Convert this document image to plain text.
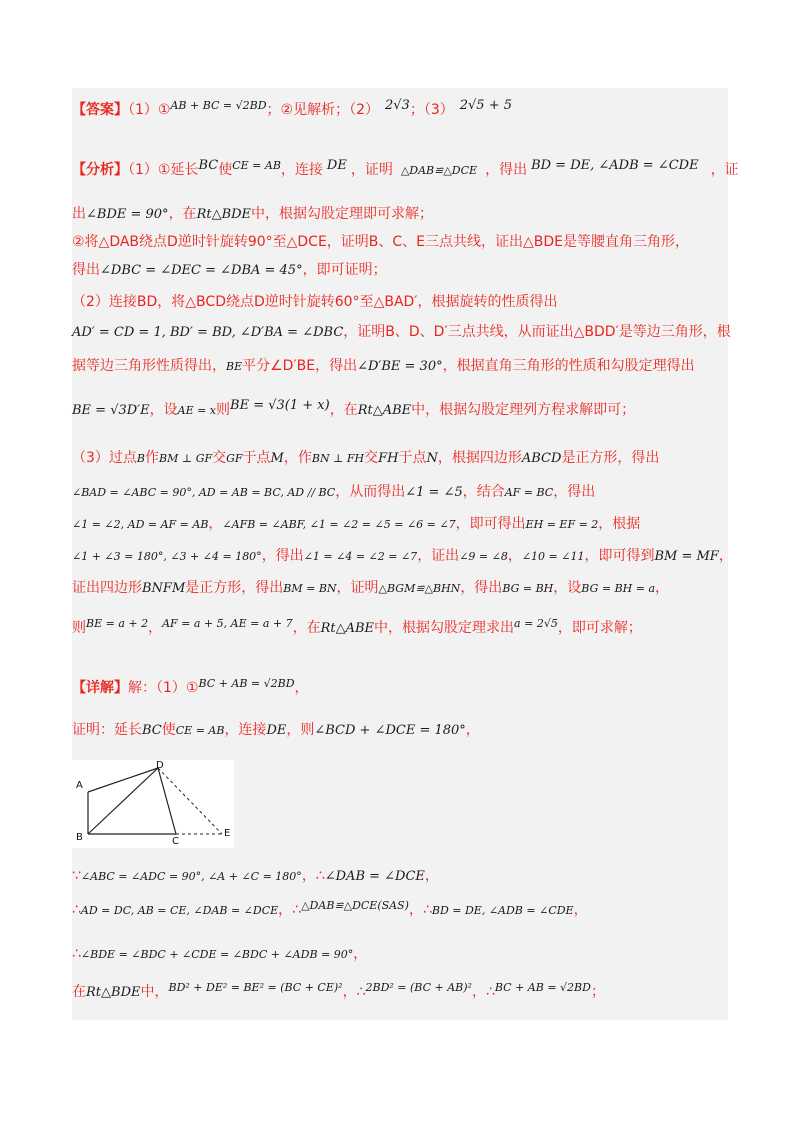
【答案】（1）①$^{AB + BC = √2BD}$；②见解析；（2） 2√3；（3） 2√5 + 5
【分析】（1）①延长BC使$^{CE = AB}$，连接 DE ，证明 △DAB≌△DCE ，得出 BD = DE, ∠ADB = ∠CDE ，证
出∠BDE = 90°，在Rt△BDE中，根据勾股定理即可求解；
②将△DAB绕点D逆时针旋转90°至△DCE，证明B、C、E三点共线，证出△BDE是等腰直角三角形，
得出∠DBC = ∠DEC = ∠DBA = 45°，即可证明；
（2）连接BD，将△BCD绕点D逆时针旋转60°至△BAD′，根据旋转的性质得出
AD′ = CD = 1, BD′ = BD, ∠D′BA = ∠DBC，证明B、D、D′三点共线，从而证出△BDD′是等边三角形，根
据等边三角形性质得出，BE平分∠D′BE，得出∠D′BE = 30°，根据直角三角形的性质和勾股定理得出
BE = √3D′E，设AE = x则BE = √3(1 + x)，在Rt△ABE中，根据勾股定理列方程求解即可；
（3）过点B作BM ⊥ GF交GF于点M，作BN ⊥ FH交FH于点N，根据四边形ABCD是正方形，得出
∠BAD = ∠ABC = 90°, AD = AB = BC, AD // BC，从而得出∠1 = ∠5，结合AF = BC，得出
∠1 = ∠2, AD = AF = AB，∠AFB = ∠ABF, ∠1 = ∠2 = ∠5 = ∠6 = ∠7，即可得出EH = EF = 2，根据
∠1 + ∠3 = 180°, ∠3 + ∠4 = 180°，得出∠1 = ∠4 = ∠2 = ∠7，证出∠9 = ∠8，∠10 = ∠11，即可得到BM = MF，
证出四边形BNFM是正方形，得出BM = BN，证明△BGM≌△BHN，得出BG = BH，设BG = BH = a，
则$^{BE = a + 2}$，$^{AF = a + 5, AE = a + 7}$，在Rt△ABE中，根据勾股定理求出$^{a = 2√5}$，即可求解；
【详解】解：（1）①$^{BC + AB = √2BD}$，
证明：延长BC使CE = AB，连接DE，则∠BCD + ∠DCE = 180°，
A
B	C
D
E
∵∠ABC = ∠ADC = 90°, ∠A + ∠C = 180°，∴∠DAB = ∠DCE，
∴AD = DC, AB = CE, ∠DAB = ∠DCE，∴$^{\triangle DAB≌\triangle DCE(SAS)}$，∴BD = DE, ∠ADB = ∠CDE，
∴∠BDE = ∠BDC + ∠CDE = ∠BDC + ∠ADB = 90°，
在Rt△BDE中，$^{BD^2 + DE^2 = BE^2 = (BC + CE)^2}$，∴$^{2BD^2 = (BC + AB)^2}$，∴$^{BC + AB = √2BD}$；
